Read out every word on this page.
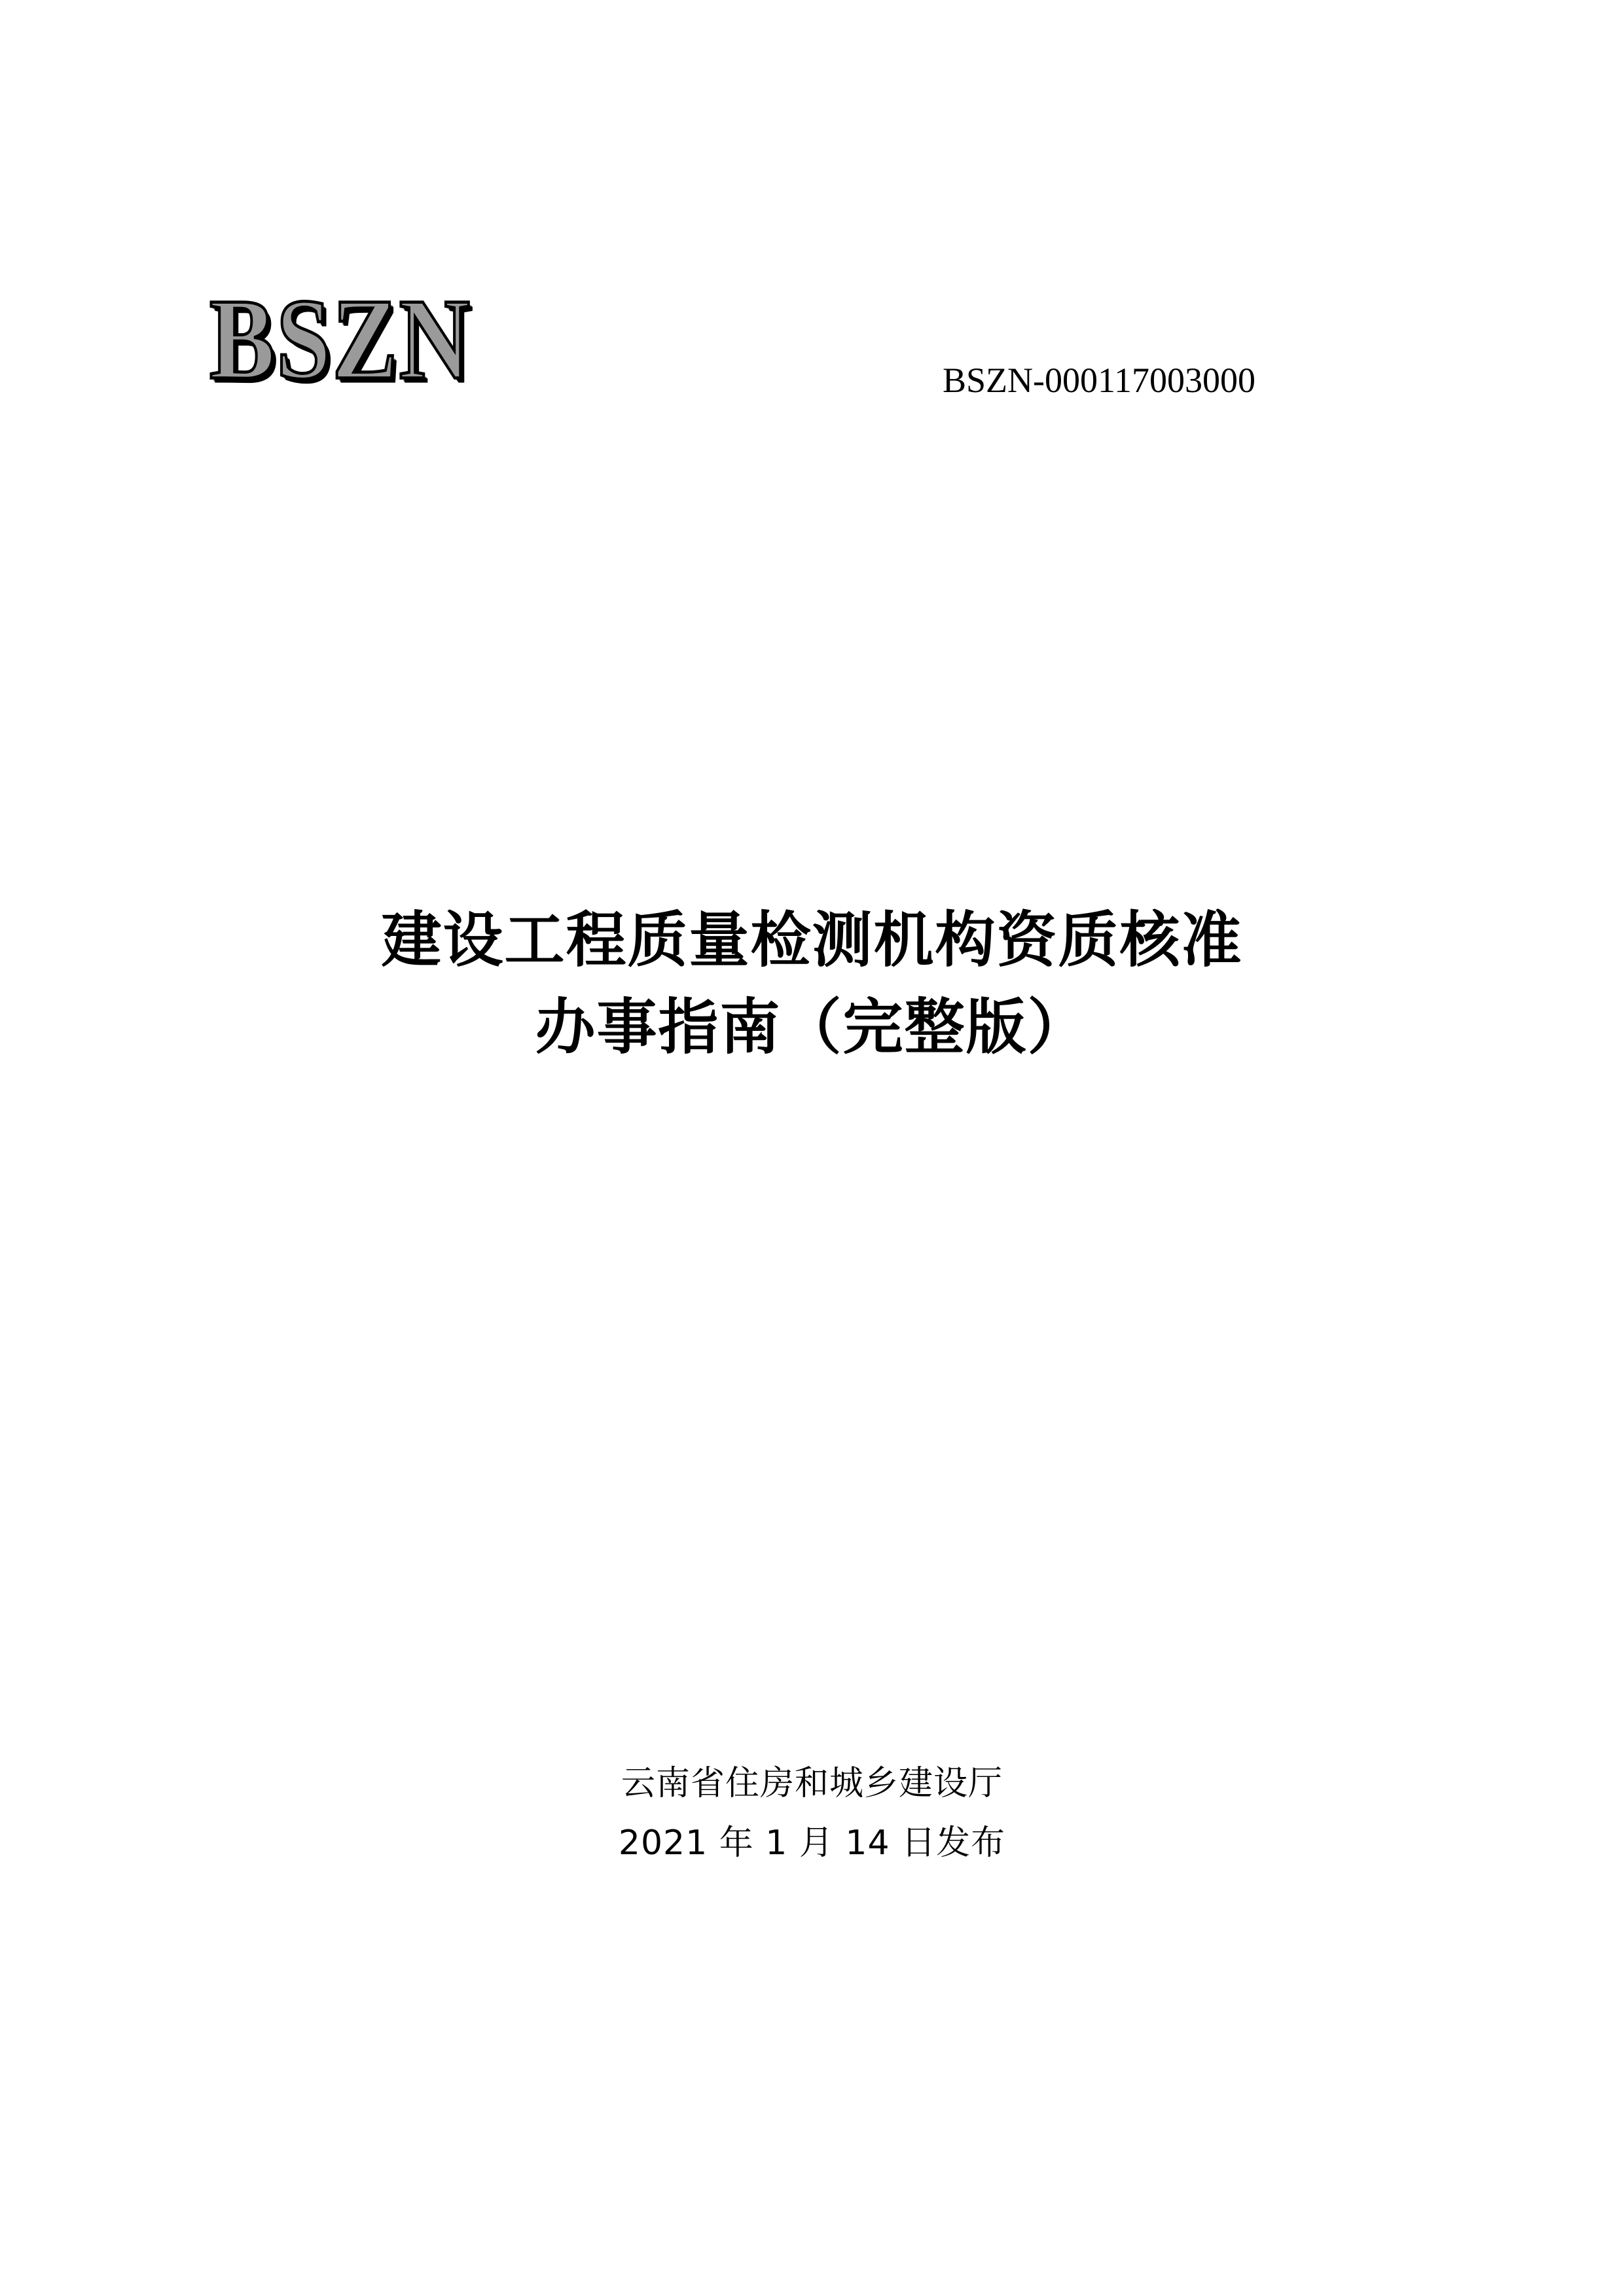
BSZN	BSZN-000117003000
建设工程质量检测机构资质核准
办事指南（完整版）
云南省住房和城乡建设厅
2021 年 1 月 14 日发布
